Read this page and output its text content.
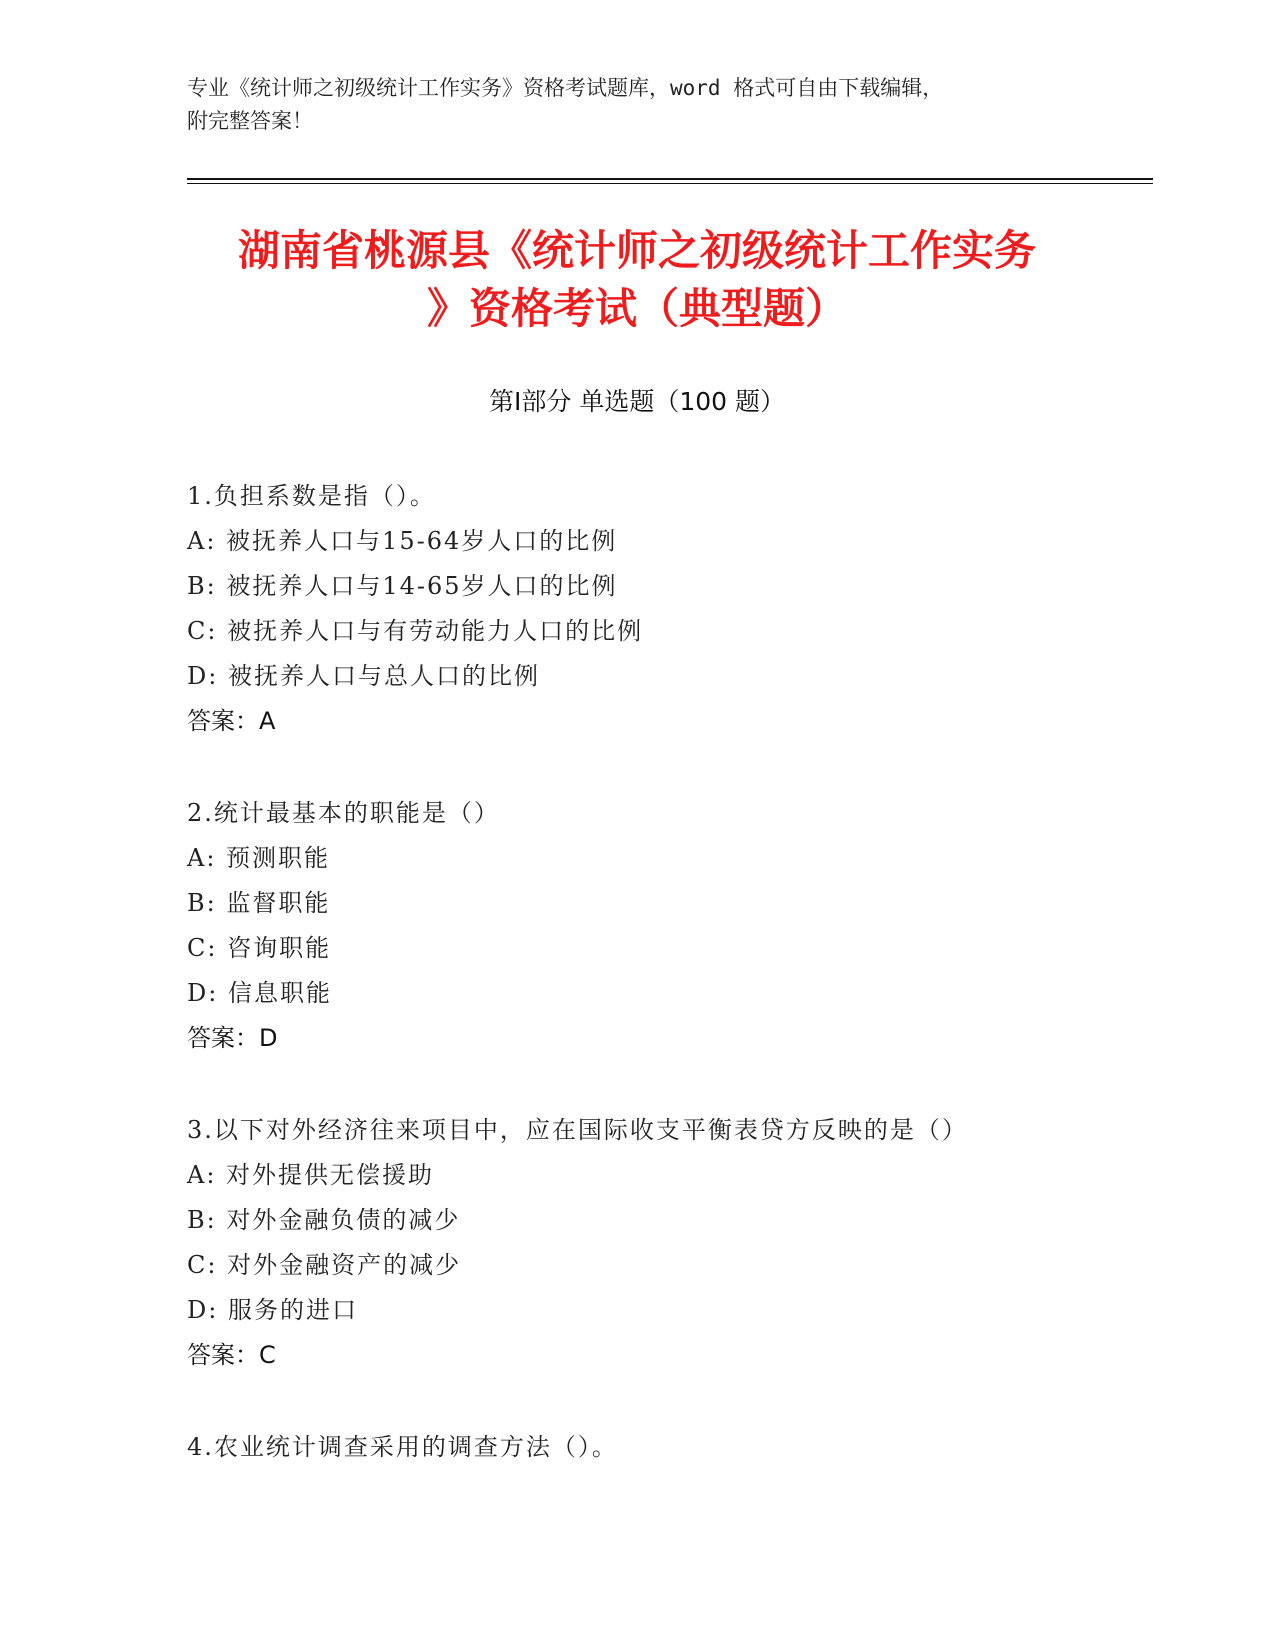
专业《统计师之初级统计工作实务》资格考试题库，word 格式可自由下载编辑，
附完整答案！
湖南省桃源县《统计师之初级统计工作实务
》资格考试（典型题）
第Ⅰ部分 单选题（100 题）
1.负担系数是指（）。
A: 被抚养人口与15-64岁人口的比例
B: 被抚养人口与14-65岁人口的比例
C: 被抚养人口与有劳动能力人口的比例
D: 被抚养人口与总人口的比例
答案：A
2.统计最基本的职能是（）
A: 预测职能
B: 监督职能
C: 咨询职能
D: 信息职能
答案：D
3.以下对外经济往来项目中，应在国际收支平衡表贷方反映的是（）
A: 对外提供无偿援助
B: 对外金融负债的减少
C: 对外金融资产的减少
D: 服务的进口
答案：C
4.农业统计调查采用的调查方法（）。
